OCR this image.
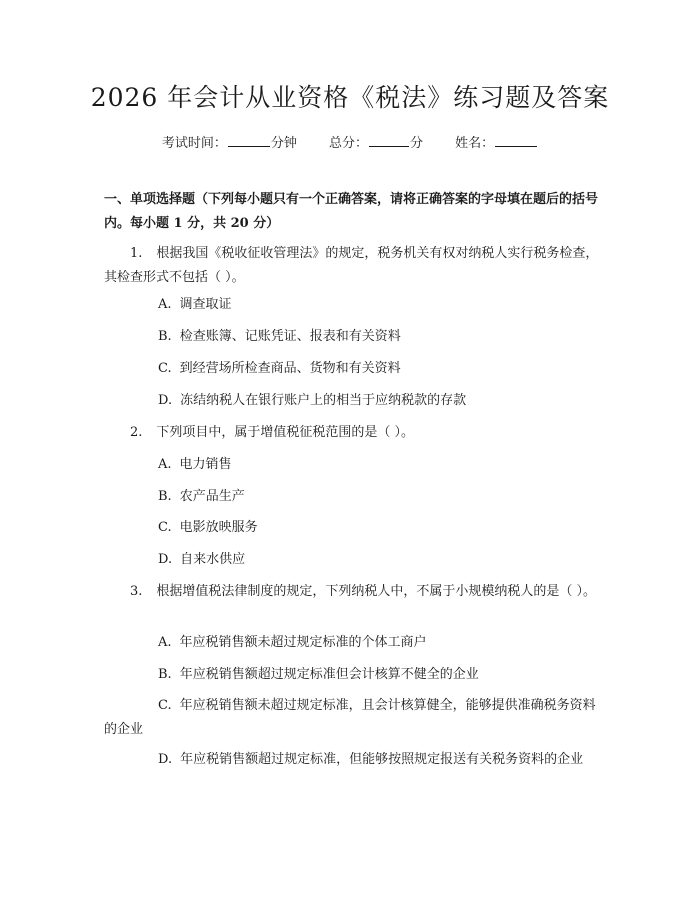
2026 年会计从业资格《税法》练习题及答案
考试时间：	分钟 总分：	分 姓名：
一、单项选择题（下列每小题只有一个正确答案，请将正确答案的字母填在题后的括号内。每小题 1 分，共 20 分）
1. 根据我国《税收征收管理法》的规定，税务机关有权对纳税人实行税务检查，其检查形式不包括（ ）。
A. 调查取证
B. 检查账簿、记账凭证、报表和有关资料
C. 到经营场所检查商品、货物和有关资料
D. 冻结纳税人在银行账户上的相当于应纳税款的存款
2. 下列项目中，属于增值税征税范围的是（ ）。
A. 电力销售
B. 农产品生产
C. 电影放映服务
D. 自来水供应
3. 根据增值税法律制度的规定，下列纳税人中，不属于小规模纳税人的是（ ）。
A. 年应税销售额未超过规定标准的个体工商户
B. 年应税销售额超过规定标准但会计核算不健全的企业
C. 年应税销售额未超过规定标准，且会计核算健全，能够提供准确税务资料的企业
D. 年应税销售额超过规定标准，但能够按照规定报送有关税务资料的企业
